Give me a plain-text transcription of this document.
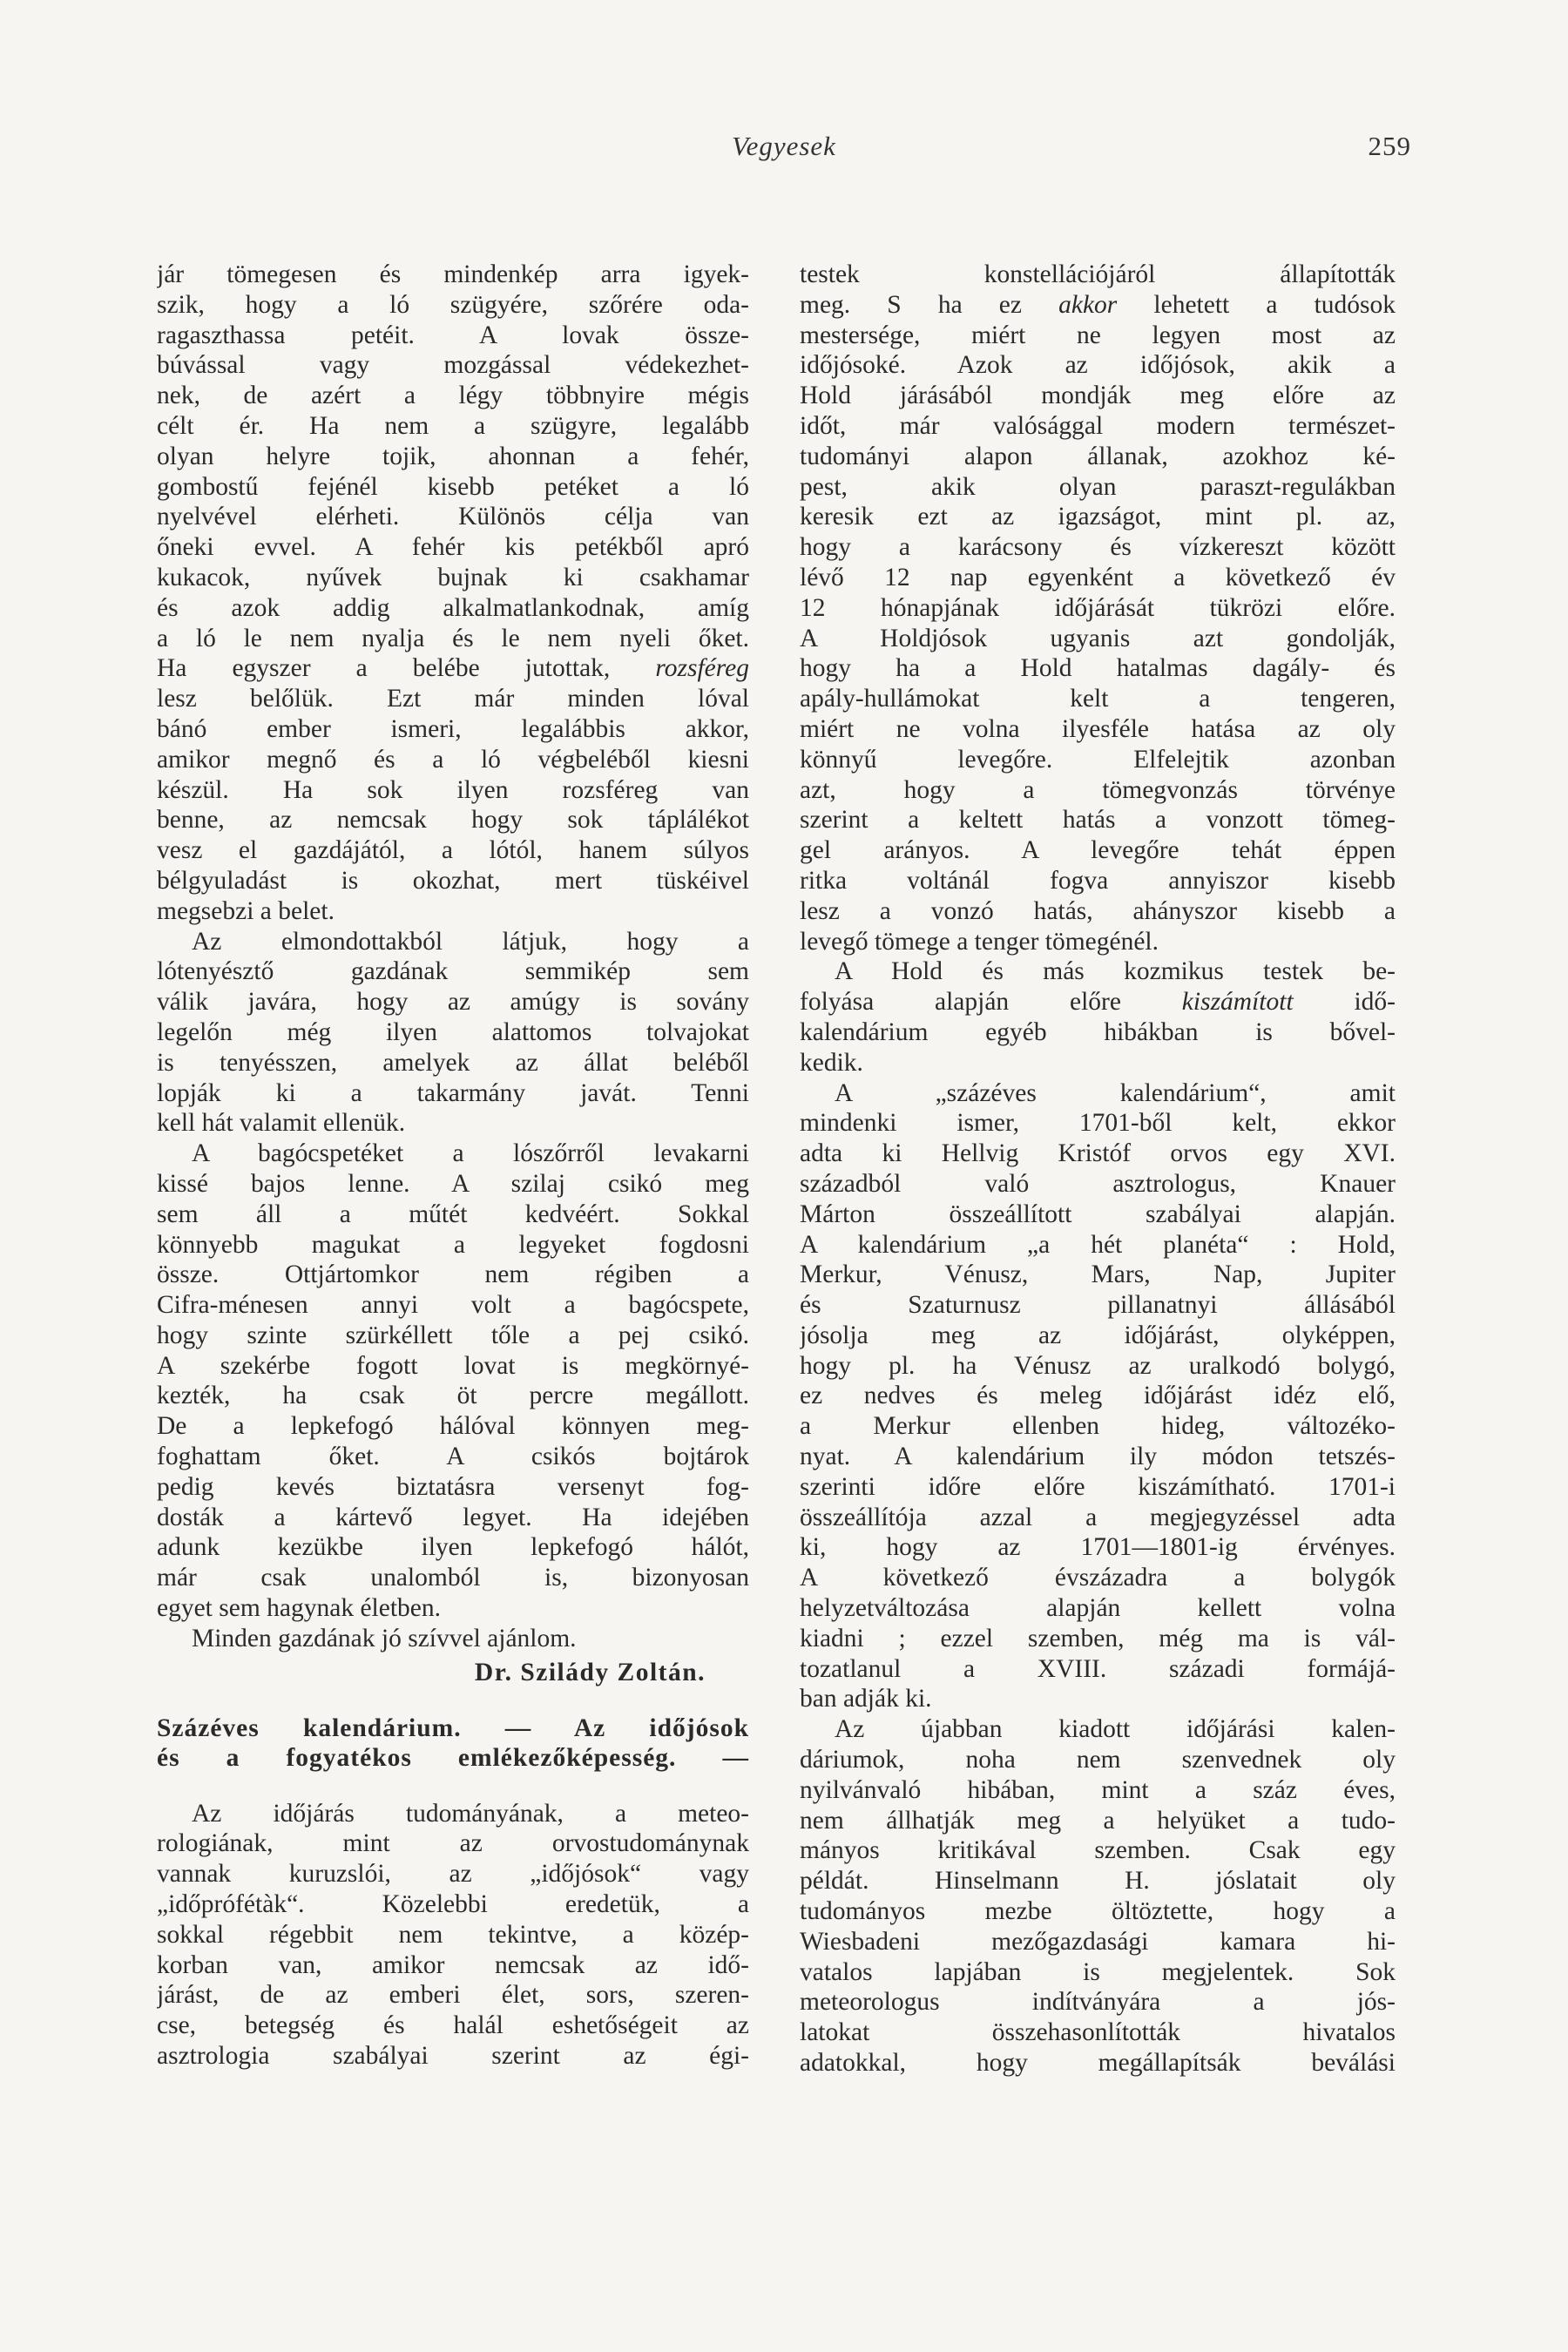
Vegyesek	259
jár tömegesen és mindenkép arra igyek-
szik, hogy a ló szügyére, szőrére oda-
ragaszthassa petéit. A lovak össze-
búvással vagy mozgással védekezhet-
nek, de azért a légy többnyire mégis
célt ér. Ha nem a szügyre, legalább
olyan helyre tojik, ahonnan a fehér,
gombostű fejénél kisebb petéket a ló
nyelvével elérheti. Különös célja van
őneki evvel. A fehér kis petékből apró
kukacok, nyűvek bujnak ki csakhamar
és azok addig alkalmatlankodnak, amíg
a ló le nem nyalja és le nem nyeli őket.
Ha egyszer a belébe jutottak, rozsféreg
lesz belőlük. Ezt már minden lóval
bánó ember ismeri, legalábbis akkor,
amikor megnő és a ló végbeléből kiesni
készül. Ha sok ilyen rozsféreg van
benne, az nemcsak hogy sok táplálékot
vesz el gazdájától, a lótól, hanem súlyos
bélgyuladást is okozhat, mert tüskéivel
megsebzi a belet.
Az elmondottakból látjuk, hogy a
lótenyésztő gazdának semmikép sem
válik javára, hogy az amúgy is sovány
legelőn még ilyen alattomos tolvajokat
is tenyésszen, amelyek az állat beléből
lopják ki a takarmány javát. Tenni
kell hát valamit ellenük.
A bagócspetéket a lószőrről levakarni
kissé bajos lenne. A szilaj csikó meg
sem áll a műtét kedvéért. Sokkal
könnyebb magukat a legyeket fogdosni
össze. Ottjártomkor nem régiben a
Cifra-ménesen annyi volt a bagócspete,
hogy szinte szürkéllett tőle a pej csikó.
A szekérbe fogott lovat is megkörnyé-
kezték, ha csak öt percre megállott.
De a lepkefogó hálóval könnyen meg-
foghattam őket. A csikós bojtárok
pedig kevés biztatásra versenyt fog-
dosták a kártevő legyet. Ha idejében
adunk kezükbe ilyen lepkefogó hálót,
már csak unalomból is, bizonyosan
egyet sem hagynak életben.
Minden gazdának jó szívvel ajánlom.
Dr. Sziládу Zoltán.
Százéves kalendárium. — Az időjósok
és a fogyatékos emlékezőképesség. —
Az időjárás tudományának, a meteo-
rologiának, mint az orvostudománynak
vannak kuruzslói, az „időjósok“ vagy
„időprófétàk“. Közelebbi eredetük, a
sokkal régebbit nem tekintve, a közép-
korban van, amikor nemcsak az idő-
járást, de az emberi élet, sors, szeren-
cse, betegség és halál eshetőségeit az
asztrologia szabályai szerint az égi-
testek konstellációjáról állapították
meg. S ha ez akkor lehetett a tudósok
mestersége, miért ne legyen most az
időjósoké. Azok az időjósok, akik a
Hold járásából mondják meg előre az
időt, már valósággal modern természet-
tudományi alapon állanak, azokhoz ké-
pest, akik olyan paraszt-regulákban
keresik ezt az igazságot, mint pl. az,
hogy a karácsony és vízkereszt között
lévő 12 nap egyenként a következő év
12 hónapjának időjárását tükrözi előre.
A Holdjósok ugyanis azt gondolják,
hogy ha a Hold hatalmas dagály- és
apály-hullámokat kelt a tengeren,
miért ne volna ilyesféle hatása az oly
könnyű levegőre. Elfelejtik azonban
azt, hogy a tömegvonzás törvénye
szerint a keltett hatás a vonzott tömeg-
gel arányos. A levegőre tehát éppen
ritka voltánál fogva annyiszor kisebb
lesz a vonzó hatás, ahányszor kisebb a
levegő tömege a tenger tömegénél.
A Hold és más kozmikus testek be-
folyása alapján előre kiszámított idő-
kalendárium egyéb hibákban is bővel-
kedik.
A „százéves kalendárium“, amit
mindenki ismer, 1701-ből kelt, ekkor
adta ki Hellvig Kristóf orvos egy XVI.
századból való asztrologus, Knauer
Márton összeállított szabályai alapján.
A kalendárium „a hét planéta“ : Hold,
Merkur, Vénusz, Mars, Nap, Jupiter
és Szaturnusz pillanatnyi állásából
jósolja meg az időjárást, olyképpen,
hogy pl. ha Vénusz az uralkodó bolygó,
ez nedves és meleg időjárást idéz elő,
a Merkur ellenben hideg, változéko-
nyat. A kalendárium ily módon tetszés-
szerinti időre előre kiszámítható. 1701-i
összeállítója azzal a megjegyzéssel adta
ki, hogy az 1701—1801-ig érvényes.
A következő évszázadra a bolygók
helyzetváltozása alapján kellett volna
kiadni ; ezzel szemben, még ma is vál-
tozatlanul a XVIII. századi formájá-
ban adják ki.
Az újabban kiadott időjárási kalen-
dáriumok, noha nem szenvednek oly
nyilvánvaló hibában, mint a száz éves,
nem állhatják meg a helyüket a tudo-
mányos kritikával szemben. Csak egy
példát. Hinselmann H. jóslatait oly
tudományos mezbe öltöztette, hogy a
Wiesbadeni mezőgazdasági kamara hi-
vatalos lapjában is megjelentek. Sok
meteorologus indítványára a jós-
latokat összehasonlították hivatalos
adatokkal, hogy megállapítsák beválási
